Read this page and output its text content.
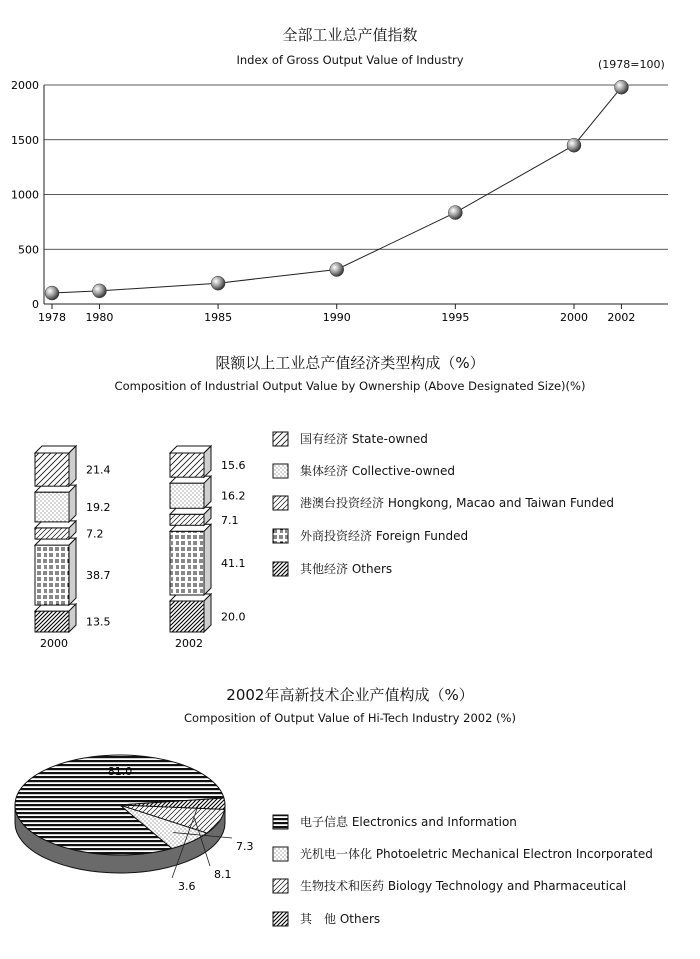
全部工业总产值指数
Index of Gross Output Value of Industry	(1978=100)
0
500
1000
1500
2000
1978 1980	1985	1990	1995	2000 2002
限额以上工业总产值经济类型构成（%）
Composition of Industrial Output Value by Ownership (Above Designated Size)(%)
13.5
38.7
7.2
19.2
21.4
2000
20.0
41.1
7.1
16.2
15.6
2002
国有经济 State-owned
集体经济 Collective-owned
港澳台投资经济 Hongkong, Macao and Taiwan Funded
外商投资经济 Foreign Funded
其他经济 Others
2002年高新技术企业产值构成（%）
Composition of Output Value of Hi-Tech Industry 2002 (%)
81.0
7.3
8.1
3.6
电子信息 Electronics and Information
光机电一体化 Photoeletric Mechanical Electron Incorporated
生物技术和医药 Biology Technology and Pharmaceutical
其　他 Others
